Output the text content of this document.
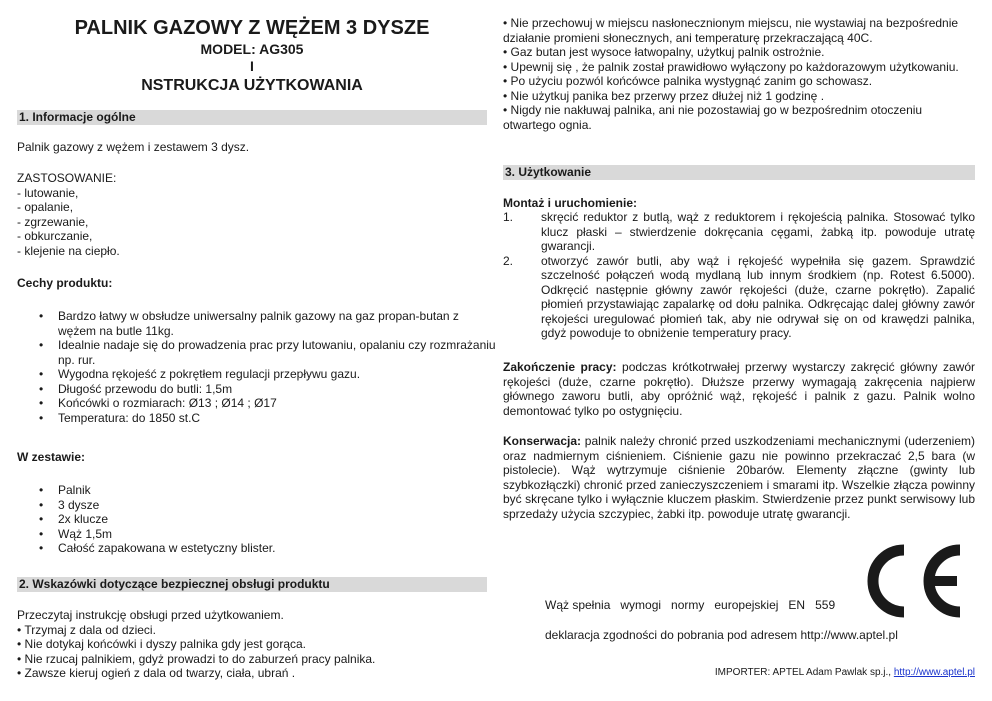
PALNIK GAZOWY Z WĘŻEM 3 DYSZE
MODEL: AG305
I
NSTRUKCJA UŻYTKOWANIA
1. Informacje ogólne
Palnik gazowy z wężem i zestawem 3 dysz.
ZASTOSOWANIE:
- lutowanie,
- opalanie,
- zgrzewanie,
- obkurczanie,
- klejenie na ciepło.
Cechy produktu:
• Bardzo łatwy w obsłudze uniwersalny palnik gazowy na gaz propan-butan z wężem na butle 11kg.
• Idealnie nadaje się do prowadzenia prac przy lutowaniu, opalaniu czy rozmrażaniu np. rur.
• Wygodna rękojeść z pokrętłem regulacji przepływu gazu.
• Długość przewodu do butli: 1,5m
• Końcówki o rozmiarach: Ø13 ; Ø14 ; Ø17
• Temperatura: do 1850 st.C
W zestawie:
• Palnik
• 3 dysze
• 2x klucze
• Wąż 1,5m
• Całość zapakowana w estetyczny blister.
2. Wskazówki dotyczące bezpiecznej obsługi produktu
Przeczytaj instrukcję obsługi przed użytkowaniem.
• Trzymaj z dala od dzieci.
• Nie dotykaj końcówki i dyszy palnika gdy jest gorąca.
• Nie rzucaj palnikiem, gdyż prowadzi to do zaburzeń pracy palnika.
• Zawsze kieruj ogień z dala od twarzy, ciała, ubrań .
• Nie przechowuj w miejscu nasłonecznionym miejscu, nie wystawiaj na bezpośrednie działanie promieni słonecznych, ani temperaturę przekraczającą 40C.
• Gaz butan jest wysoce łatwopalny, użytkuj palnik ostrożnie.
• Upewnij się , że palnik został prawidłowo wyłączony po każdorazowym użytkowaniu.
• Po użyciu pozwól końcówce palnika wystygnąć zanim go schowasz.
• Nie użytkuj panika bez przerwy przez dłużej niż 1 godzinę .
• Nigdy nie nakłuwaj palnika, ani nie pozostawiaj go w bezpośrednim otoczeniu otwartego ognia.
3. Użytkowanie
Montaż i uruchomienie:
1.	skręcić reduktor z butlą, wąż z reduktorem i rękojeścią palnika. Stosować tylko klucz płaski – stwierdzenie dokręcania cęgami, żabką itp. powoduje utratę gwarancji.
2.	otworzyć zawór butli, aby wąż i rękojeść wypełniła się gazem. Sprawdzić szczelność połączeń wodą mydlaną lub innym środkiem (np. Rotest 6.5000). Odkręcić następnie główny zawór rękojeści (duże, czarne pokrętło). Zapalić płomień przystawiając zapalarkę od dołu palnika. Odkręcając dalej główny zawór rękojeści uregulować płomień tak, aby nie odrywał się on od krawędzi palnika, gdyż powoduje to obniżenie temperatury pracy.
Zakończenie pracy: podczas krótkotrwałej przerwy wystarczy zakręcić główny zawór rękojeści (duże, czarne pokrętło). Dłuższe przerwy wymagają zakręcenia najpierw głównego zaworu butli, aby opróżnić wąż, rękojeść i palnik z gazu. Palnik wolno demontować tylko po ostygnięciu.
Konserwacja: palnik należy chronić przed uszkodzeniami mechanicznymi (uderzeniem) oraz nadmiernym ciśnieniem. Ciśnienie gazu nie powinno przekraczać 2,5 bara (w pistolecie). Wąż wytrzymuje ciśnienie 20barów. Elementy złączne (gwinty lub szybkozłączki) chronić przed zanieczyszczeniem i smarami itp. Wszelkie złącza powinny być skręcane tylko i wyłącznie kluczem płaskim. Stwierdzenie przez punkt serwisowy lub sprzedaży użycia szczypiec, żabki itp. powoduje utratę gwarancji.
Wąż spełnia   wymogi   normy   europejskiej   EN   559
deklaracja zgodności do pobrania pod adresem http://www.aptel.pl
IMPORTER: APTEL Adam Pawlak sp.j., http://www.aptel.pl
